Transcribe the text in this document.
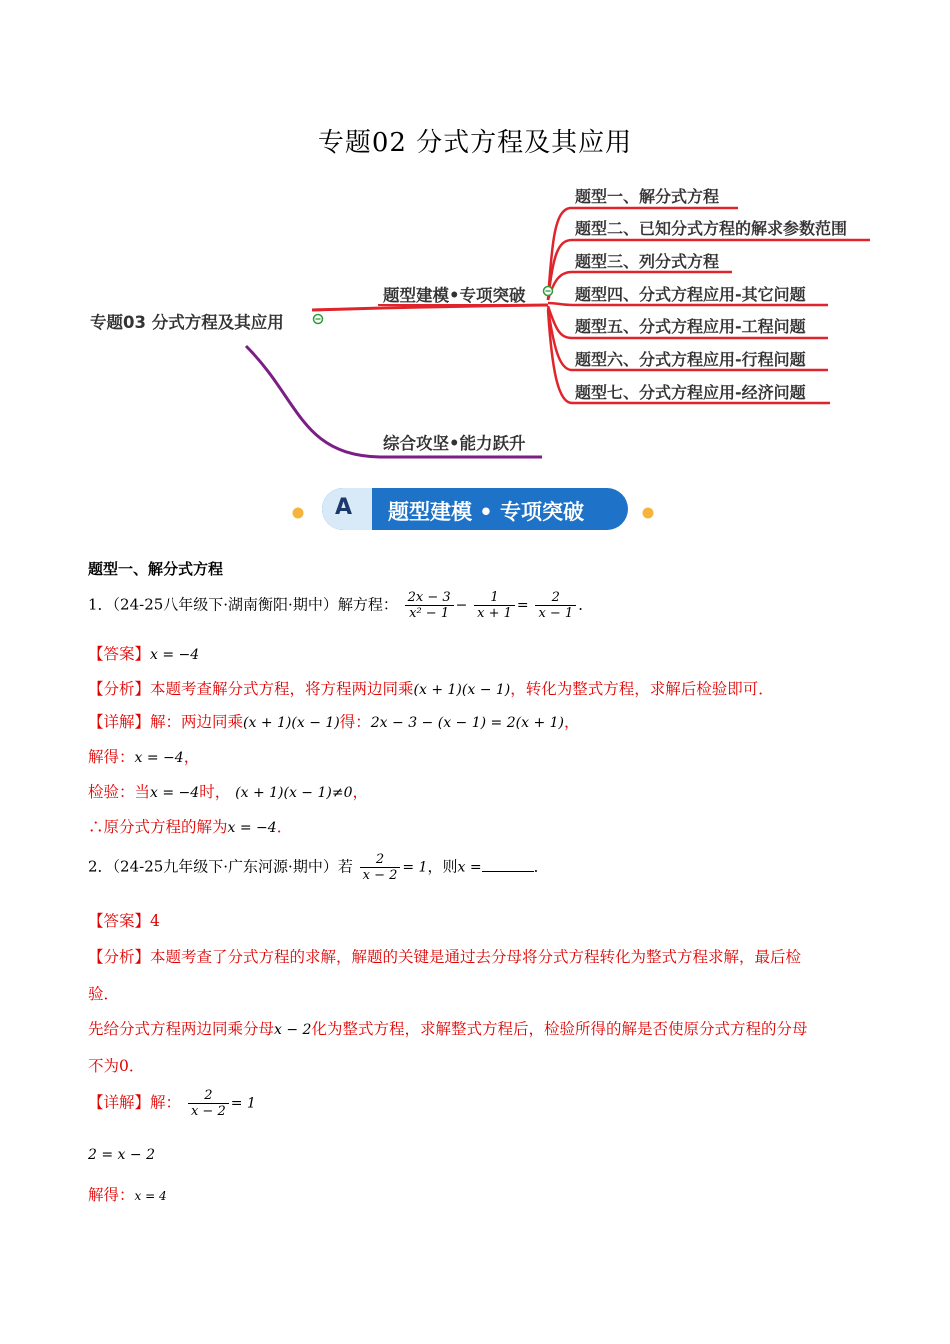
专题02 分式方程及其应用
专题03 分式方程及其应用
题型建模•专项突破
综合攻坚•能力跃升
题型一、解分式方程
题型二、已知分式方程的解求参数范围
题型三、列分式方程
题型四、分式方程应用-其它问题
题型五、分式方程应用-工程问题
题型六、分式方程应用-行程问题
题型七、分式方程应用-经济问题
A 题型建模 • 专项突破
题型一、解分式方程
1．（24-25八年级下·湖南衡阳·期中）解方程： $\frac{2x - 3}{\text{x² − 1}} - \frac{1}{x + 1} = \frac{2}{x - 1}$ ．
【答案】x = −4
【分析】本题考查解分式方程，将方程两边同乘(x + 1)(x − 1)，转化为整式方程，求解后检验即可．
【详解】解：两边同乘(x + 1)(x − 1)得：2x − 3 − (x − 1) = 2(x + 1)，
解得：x = −4，
检验：当x = −4时， (x + 1)(x − 1)≠0，
∴原分式方程的解为x = −4．
2．（24-25九年级下·广东河源·期中）若 $\frac{2}{x - 2} = 1$，则x =	．
【答案】4
【分析】本题考查了分式方程的求解，解题的关键是通过去分母将分式方程转化为整式方程求解，最后检
验．
先给分式方程两边同乘分母x − 2化为整式方程，求解整式方程后，检验所得的解是否使原分式方程的分母
不为0．
【详解】解： $\frac{2}{x - 2} = 1$
2 = x − 2
解得：x = 4
